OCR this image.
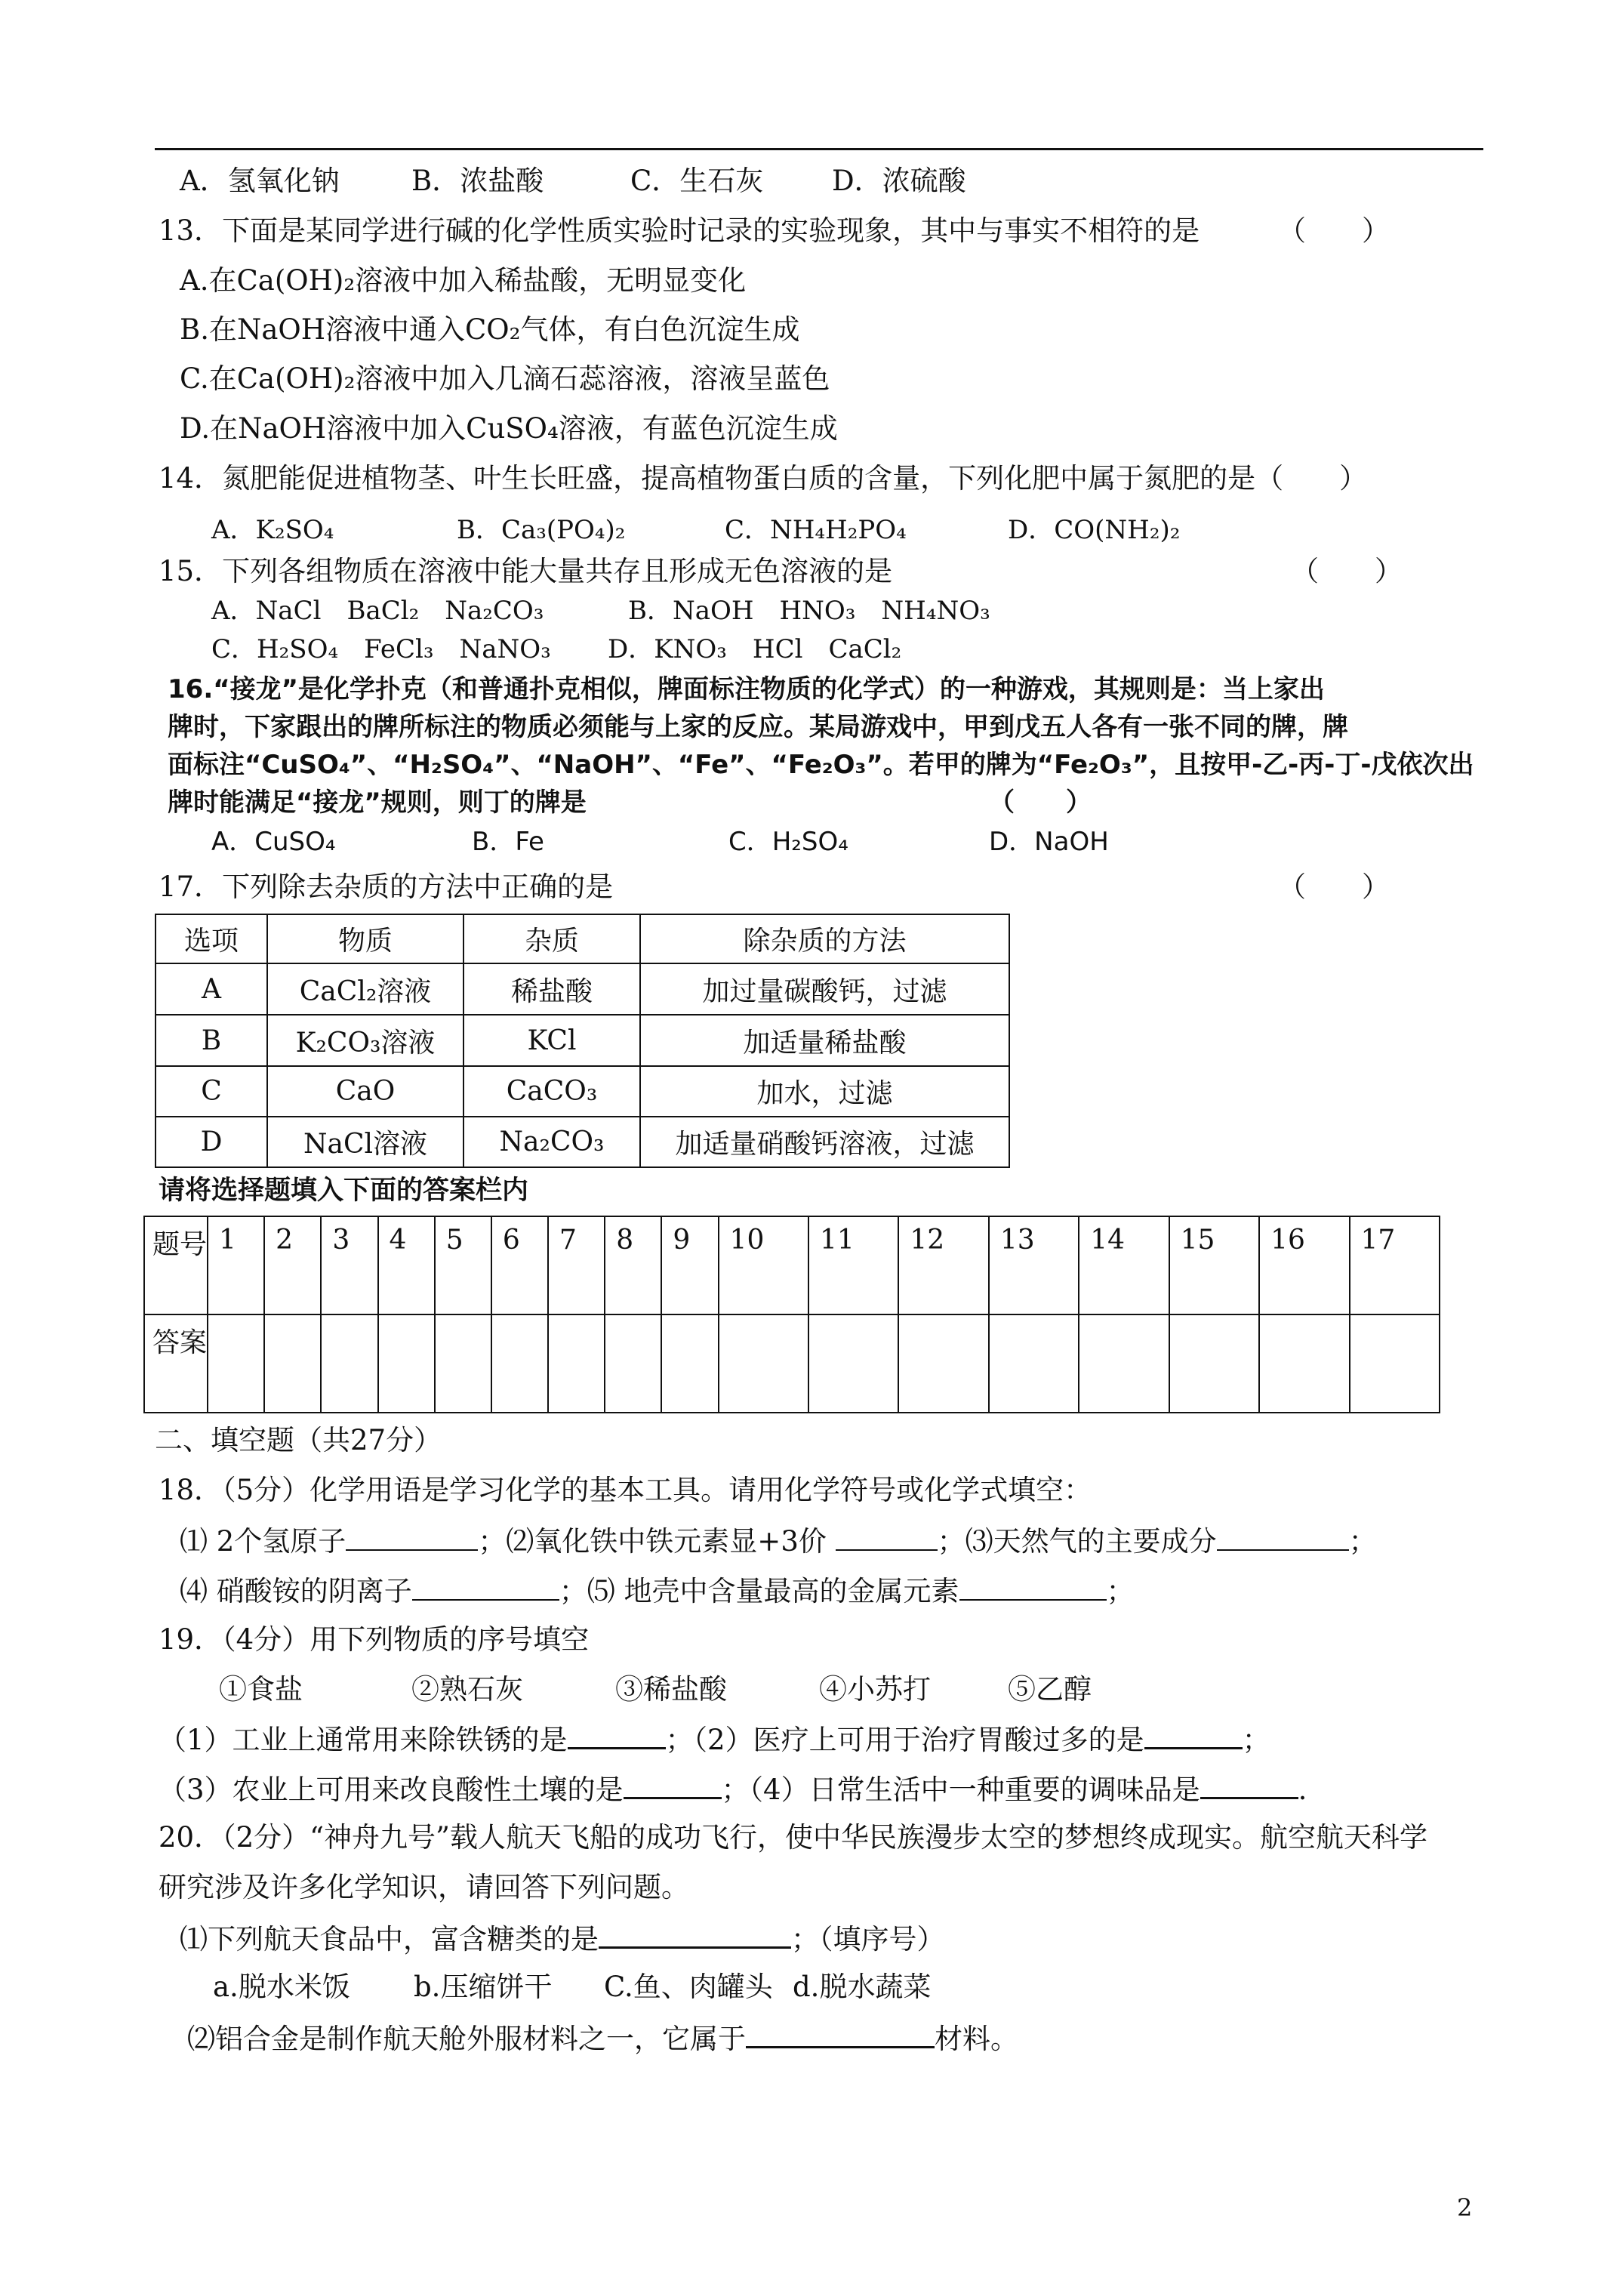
A．氢氧化钠	B．浓盐酸	C．生石灰 D．浓硫酸
13．下面是某同学进行碱的化学性质实验时记录的实验现象，其中与事实不相符的是	（　　）
A.在Ca(OH)₂溶液中加入稀盐酸，无明显变化
B.在NaOH溶液中通入CO₂气体，有白色沉淀生成
C.在Ca(OH)₂溶液中加入几滴石蕊溶液，溶液呈蓝色
D.在NaOH溶液中加入CuSO₄溶液，有蓝色沉淀生成
14．氮肥能促进植物茎、叶生长旺盛，提高植物蛋白质的含量，下列化肥中属于氮肥的是（　　）
A．K₂SO₄	B．Ca₃(PO₄)₂	C．NH₄H₂PO₄	D．CO(NH₂)₂
15．下列各组物质在溶液中能大量共存且形成无色溶液的是	（　　）
A．NaCl　BaCl₂　Na₂CO₃	B．NaOH　HNO₃　NH₄NO₃
C．H₂SO₄　FeCl₃　NaNO₃ D．KNO₃　HCl　CaCl₂
16.“接龙”是化学扑克（和普通扑克相似，牌面标注物质的化学式）的一种游戏，其规则是：当上家出
牌时，下家跟出的牌所标注的物质必须能与上家的反应。某局游戏中，甲到戊五人各有一张不同的牌，牌
面标注“CuSO₄”、“H₂SO₄”、“NaOH”、“Fe”、“Fe₂O₃”。若甲的牌为“Fe₂O₃”，且按甲-乙-丙-丁-戊依次出
牌时能满足“接龙”规则，则丁的牌是	（　　）
A．CuSO₄	B．Fe	C．H₂SO₄	D．NaOH
17．下列除去杂质的方法中正确的是	（　　）
选项	物质	杂质	除杂质的方法
A	CaCl₂溶液	稀盐酸	加过量碳酸钙，过滤
B	K₂CO₃溶液	KCl	加适量稀盐酸
C	CaO	CaCO₃	加水，过滤
D	NaCl溶液	Na₂CO₃	加适量硝酸钙溶液，过滤
请将选择题填入下面的答案栏内
题号	1	2	3	4	5	6	7	8	9	10	11	12	13	14	15	16	17
答案																	
二、填空题（共27分）
18．（5分）化学用语是学习化学的基本工具。请用化学符号或化学式填空：
⑴ 2个氢原子	；⑵氧化铁中铁元素显+3价	；⑶天然气的主要成分	；
⑷ 硝酸铵的阴离子	；⑸ 地壳中含量最高的金属元素	；
19．（4分）用下列物质的序号填空
①食盐	②熟石灰	③稀盐酸	④小苏打	⑤乙醇
（1）工业上通常用来除铁锈的是	；（2）医疗上可用于治疗胃酸过多的是	；
（3）农业上可用来改良酸性土壤的是	；（4）日常生活中一种重要的调味品是	.
20．（2分）“神舟九号”载人航天飞船的成功飞行，使中华民族漫步太空的梦想终成现实。航空航天科学
研究涉及许多化学知识，请回答下列问题。
⑴下列航天食品中，富含糖类的是	；（填序号）
a.脱水米饭 b.压缩饼干 C.鱼、肉罐头 d.脱水蔬菜
⑵铝合金是制作航天舱外服材料之一，它属于	材料。
2
